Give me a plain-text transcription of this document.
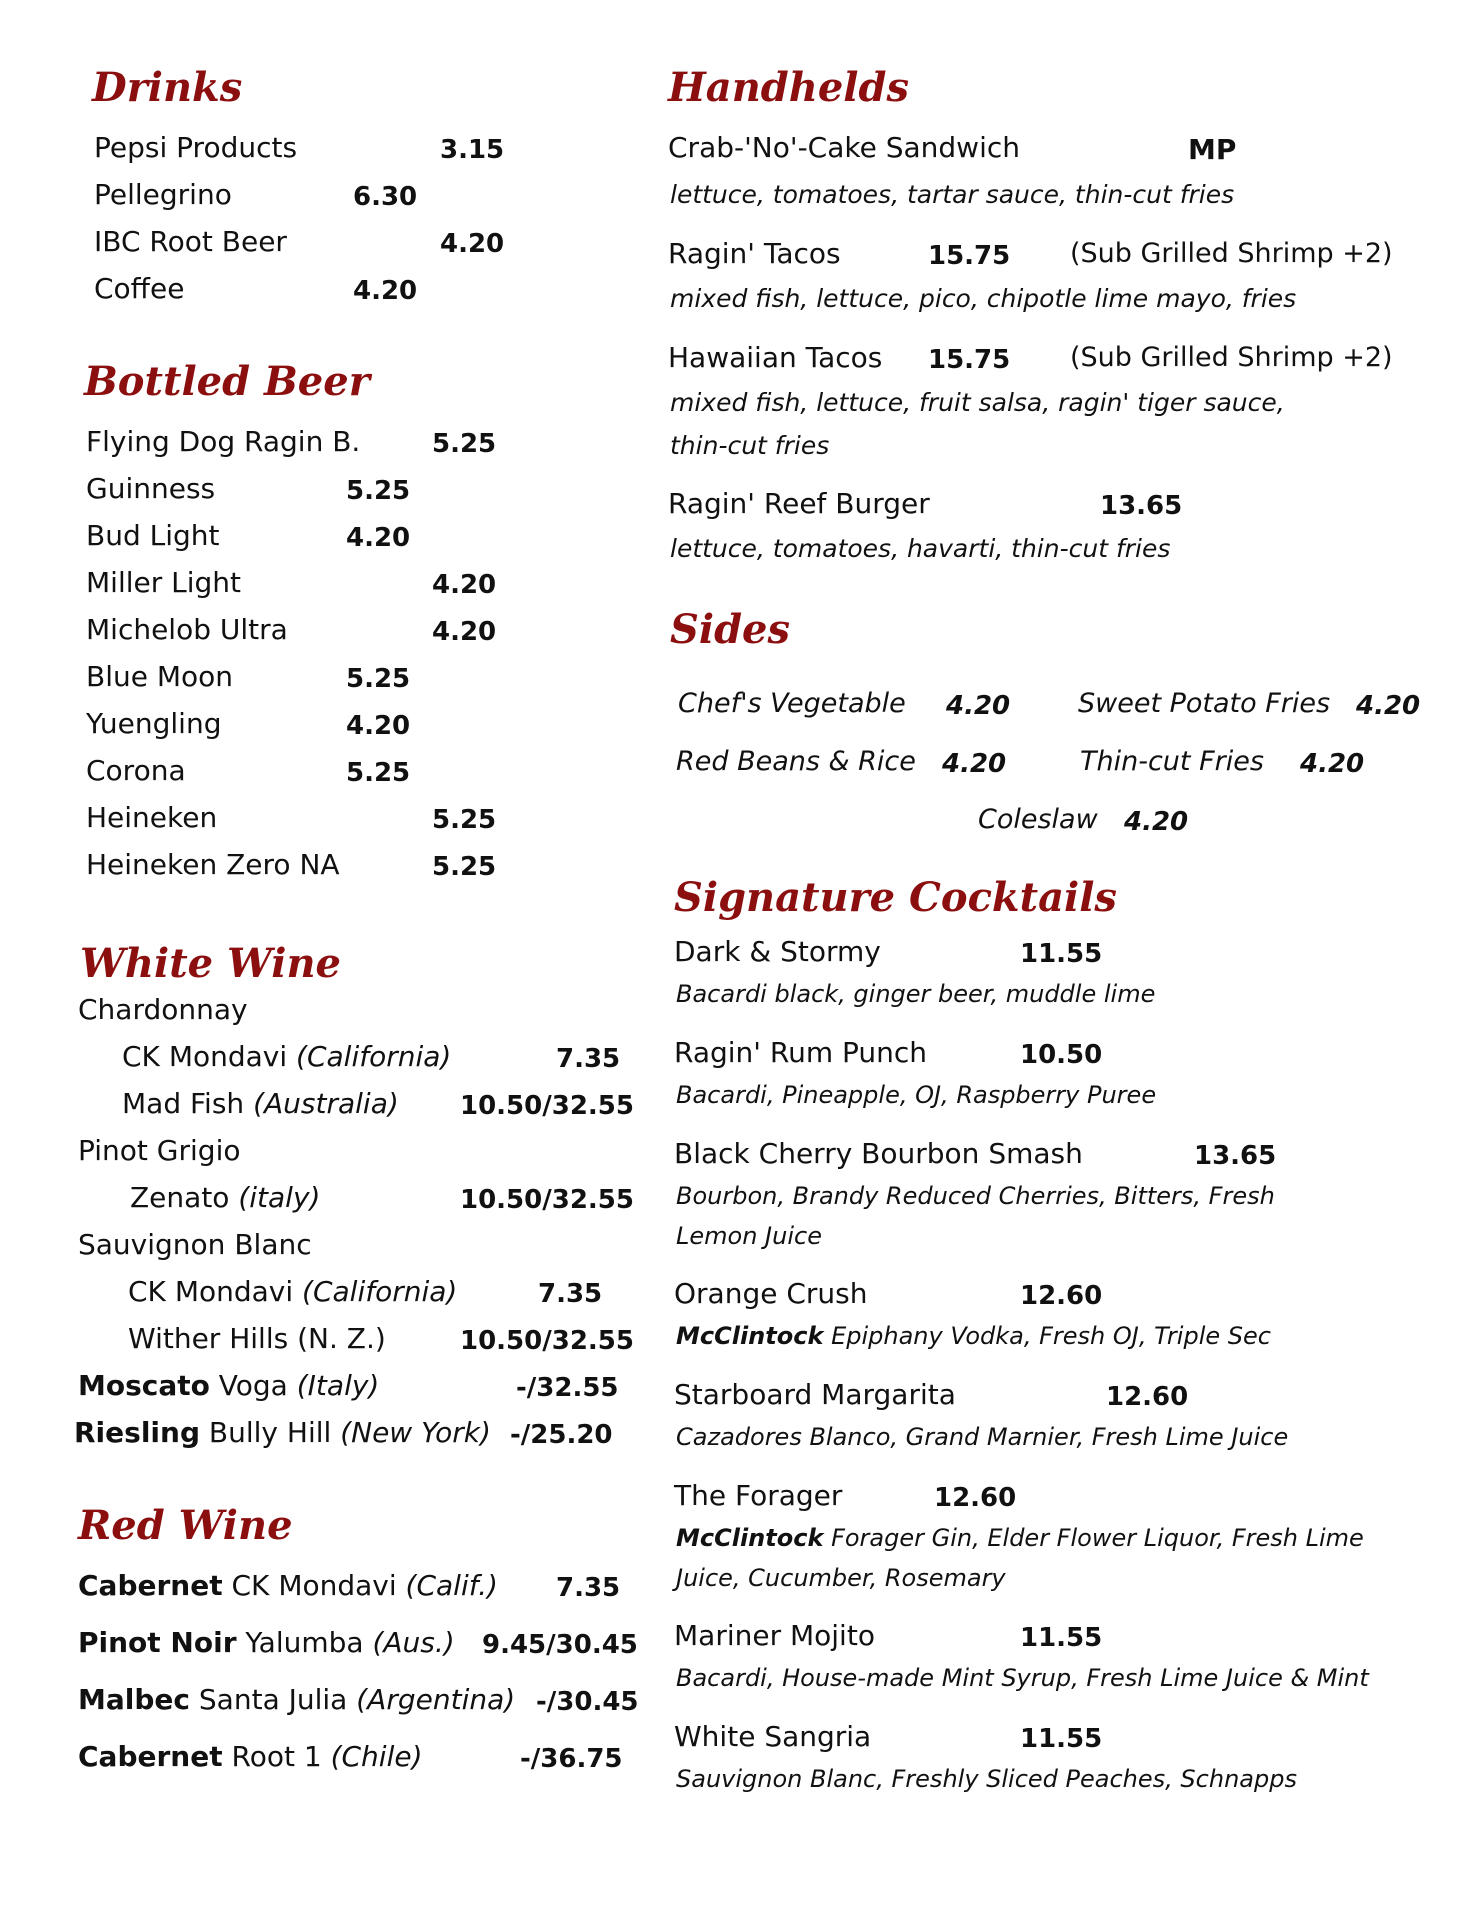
Drinks
Pepsi Products	3.15
Pellegrino	6.30
IBC Root Beer	4.20
Coffee	4.20
Bottled Beer
Flying Dog Ragin B.	5.25
Guinness	5.25
Bud Light	4.20
Miller Light	4.20
Michelob Ultra	4.20
Blue Moon	5.25
Yuengling	4.20
Corona	5.25
Heineken	5.25
Heineken Zero NA	5.25
White Wine
Chardonnay
CK Mondavi (California)	7.35
Mad Fish (Australia) 10.50/32.55
Pinot Grigio
Zenato (italy)	10.50/32.55
Sauvignon Blanc
CK Mondavi (California)	7.35
Wither Hills (N. Z.)	10.50/32.55
Moscato Voga (Italy)	-/32.55
Riesling Bully Hill (New York) -/25.20
Red Wine
Cabernet CK Mondavi (Calif.) 7.35
Pinot Noir Yalumba (Aus.) 9.45/30.45
Malbec Santa Julia (Argentina) -/30.45
Cabernet Root 1 (Chile)	-/36.75
Handhelds
Crab-'No'-Cake Sandwich	MP
lettuce, tomatoes, tartar sauce, thin-cut fries
Ragin' Tacos	15.75 (Sub Grilled Shrimp +2)
mixed fish, lettuce, pico, chipotle lime mayo, fries
Hawaiian Tacos 15.75 (Sub Grilled Shrimp +2)
mixed fish, lettuce, fruit salsa, ragin' tiger sauce,
thin-cut fries
Ragin' Reef Burger	13.65
lettuce, tomatoes, havarti, thin-cut fries
Sides
Chef's Vegetable 4.20	Sweet Potato Fries 4.20
Red Beans & Rice 4.20	Thin-cut Fries 4.20
Coleslaw 4.20
Signature Cocktails
Dark & Stormy	11.55
Bacardi black, ginger beer, muddle lime
Ragin' Rum Punch	10.50
Bacardi, Pineapple, OJ, Raspberry Puree
Black Cherry Bourbon Smash	13.65
Bourbon, Brandy Reduced Cherries, Bitters, Fresh
Lemon Juice
Orange Crush	12.60
McClintock Epiphany Vodka, Fresh OJ, Triple Sec
Starboard Margarita	12.60
Cazadores Blanco, Grand Marnier, Fresh Lime Juice
The Forager	12.60
McClintock Forager Gin, Elder Flower Liquor, Fresh Lime
Juice, Cucumber, Rosemary
Mariner Mojito	11.55
Bacardi, House-made Mint Syrup, Fresh Lime Juice & Mint
White Sangria	11.55
Sauvignon Blanc, Freshly Sliced Peaches, Schnapps
